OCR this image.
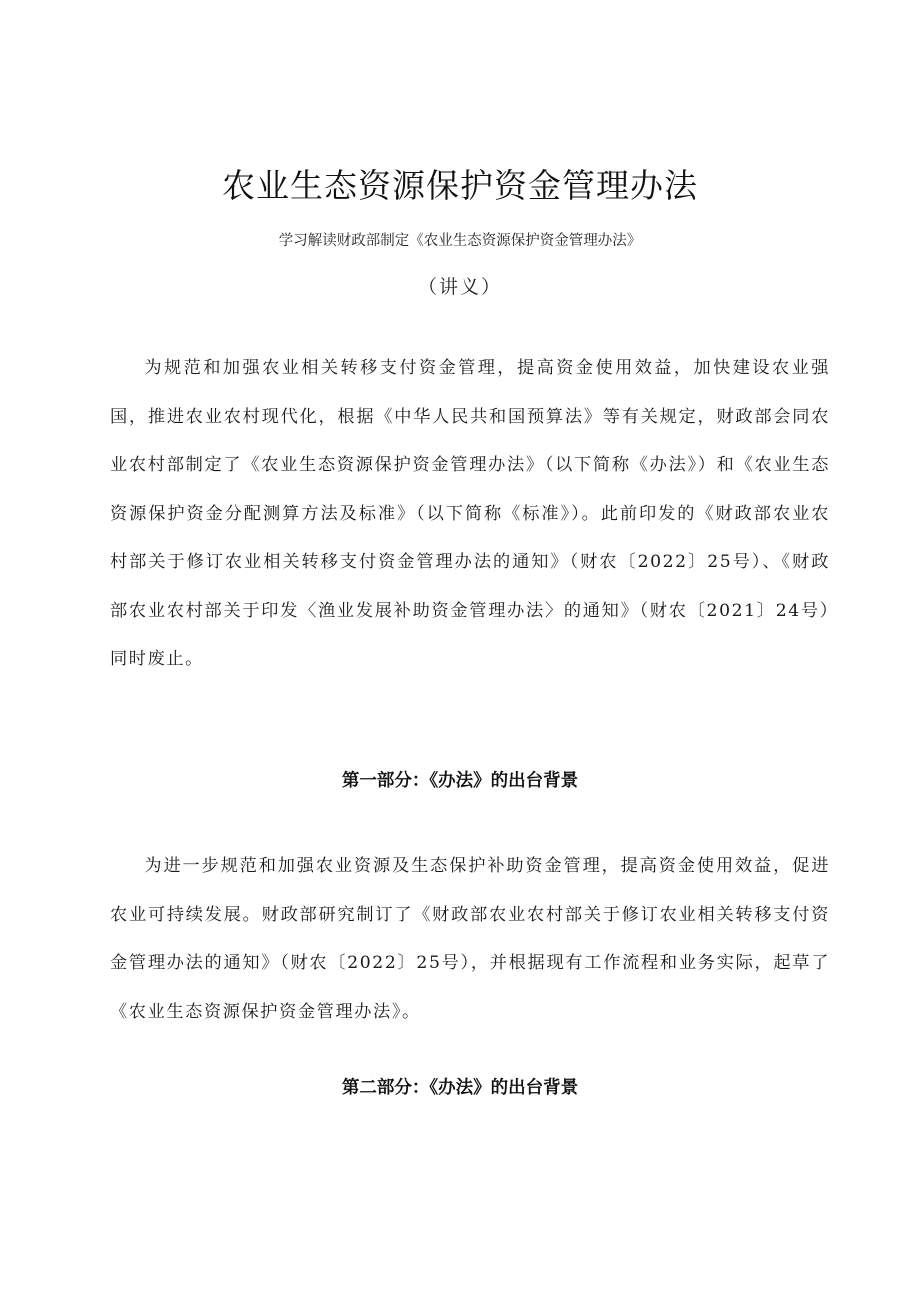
农业生态资源保护资金管理办法
学习解读财政部制定《农业生态资源保护资金管理办法》
（讲义）

为规范和加强农业相关转移支付资金管理，提高资金使用效益，加快建设农业强国，推进农业农村现代化，根据《中华人民共和国预算法》等有关规定，财政部会同农业农村部制定了《农业生态资源保护资金管理办法》（以下简称《办法》）和《农业生态资源保护资金分配测算方法及标准》（以下简称《标准》）。此前印发的《财政部农业农村部关于修订农业相关转移支付资金管理办法的通知》（财农〔2022〕25号）、《财政部农业农村部关于印发〈渔业发展补助资金管理办法〉的通知》（财农〔2021〕24号）同时废止。

第一部分：《办法》的出台背景

为进一步规范和加强农业资源及生态保护补助资金管理，提高资金使用效益，促进农业可持续发展。财政部研究制订了《财政部农业农村部关于修订农业相关转移支付资金管理办法的通知》（财农〔2022〕25号），并根据现有工作流程和业务实际，起草了《农业生态资源保护资金管理办法》。

第二部分：《办法》的出台背景
